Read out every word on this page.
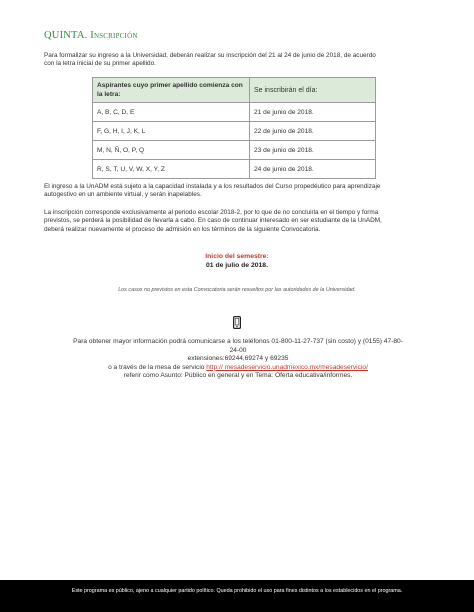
QUINTA. Inscripción
Para formalizar su ingreso a la Universidad, deberán realizar su inscripción del 21 al 24 de junio de 2018, de acuerdo
con la letra inicial de su primer apellido.
Aspirantes cuyo primer apellido comienza con la letra:	Se inscribirán el día:
A, B, C, D, E	21 de junio de 2018.
F, G, H, I, J, K, L	22 de junio de 2018.
M, N, Ñ, O, P, Q	23 de junio de 2018.
R, S, T, U, V, W, X, Y, Z	24 de junio de 2018.
El ingreso a la UnADM está sujeto a la capacidad instalada y a los resultados del Curso propedéutico para aprendizaje
autogestivo en un ambiente virtual, y serán inapelables.
La inscripción corresponde exclusivamente al periodo escolar 2018-2, por lo que de no concluirla en el tiempo y forma
previstos, se perderá la posibilidad de llevarla a cabo. En caso de continuar interesado en ser estudiante de la UnADM,
deberá realizar nuevamente el proceso de admisión en los términos de la siguiente Convocatoria.
Inicio del semestre:
01 de julio de 2018.
Los casos no previstos en esta Convocatoria serán resueltos por las autoridades de la Universidad.
Para obtener mayor información podrá comunicarse a los teléfonos 01-800-11-27-737 (sin costo) y (0155) 47-80-
24-00
extensiones:69244,69274 y 69235
o a través de la mesa de servicio http:// mesadeservicio.unadmexico.mx/mesadeservicio/
referir como Asunto: Público en general y en Tema: Oferta educativa/informes.
Este programa es público, ajeno a cualquier partido político. Queda prohibido el uso para fines distintos a los establecidos en el programa.
